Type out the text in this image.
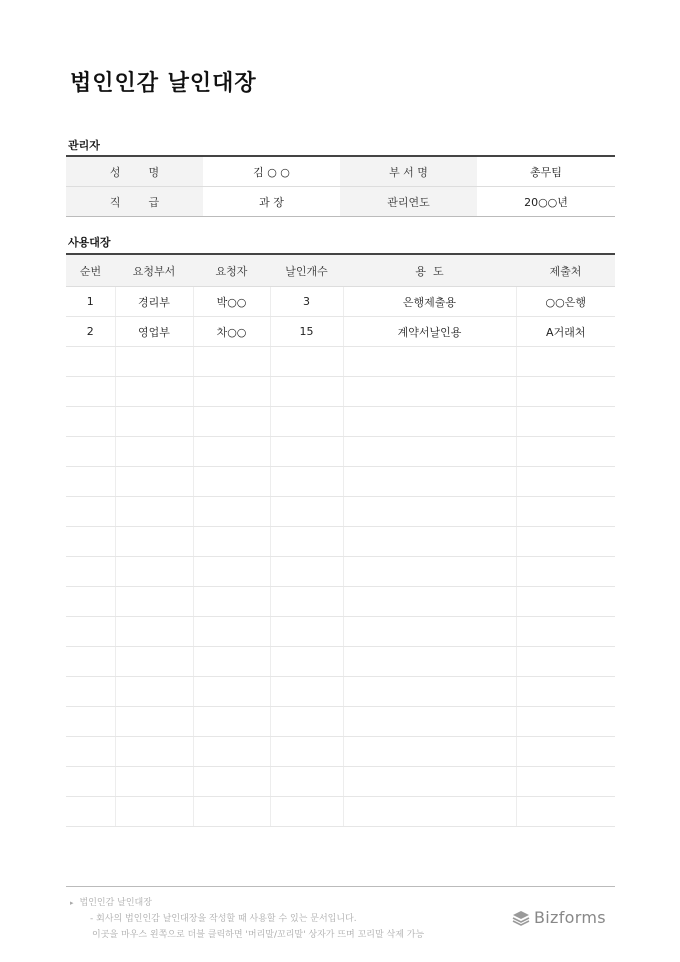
법인인감 날인대장
관리자
성        명	김 ○ ○	부 서 명	총무팀
직        급	과 장	관리연도	20○○년
사용대장
순번	요청부서	요청자	날인개수	용  도	제출처
1	경리부	박○○	3	은행제출용	○○은행
2	영업부	차○○	15	계약서날인용	A거래처

▸ 법인인감 날인대장
- 회사의 법인인감 날인대장을 작성할 때 사용할 수 있는 문서입니다.
이곳을 마우스 왼쪽으로 더블 클릭하면 '머리말/꼬리말' 상자가 뜨며 꼬리말 삭제 가능
Bizforms
